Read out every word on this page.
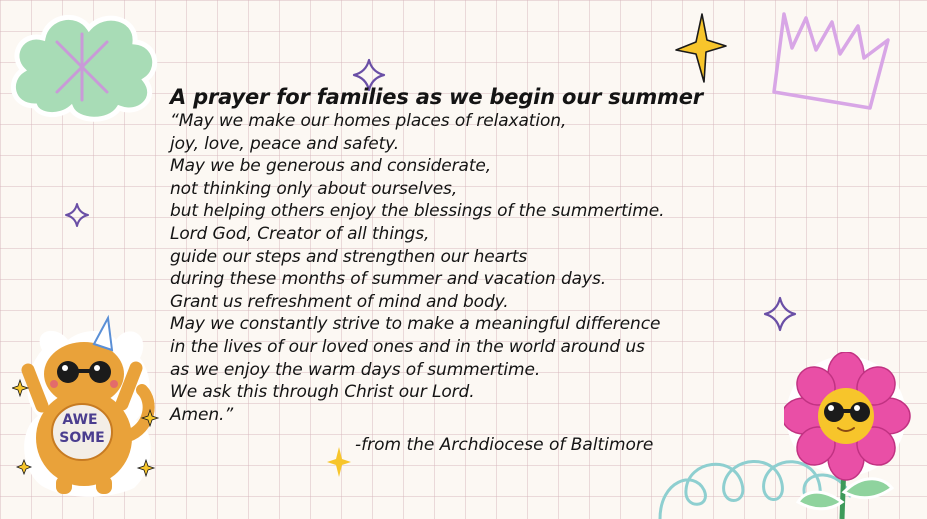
AWE
SOME
A prayer for families as we begin our summer
“May we make our homes places of relaxation,
joy, love, peace and safety.
May we be generous and considerate,
not thinking only about ourselves,
but helping others enjoy the blessings of the summertime.
Lord God, Creator of all things,
guide our steps and strengthen our hearts
during these months of summer and vacation days.
Grant us refreshment of mind and body.
May we constantly strive to make a meaningful difference
in the lives of our loved ones and in the world around us
as we enjoy the warm days of summertime.
We ask this through Christ our Lord.
Amen.”
-from the Archdiocese of Baltimore
